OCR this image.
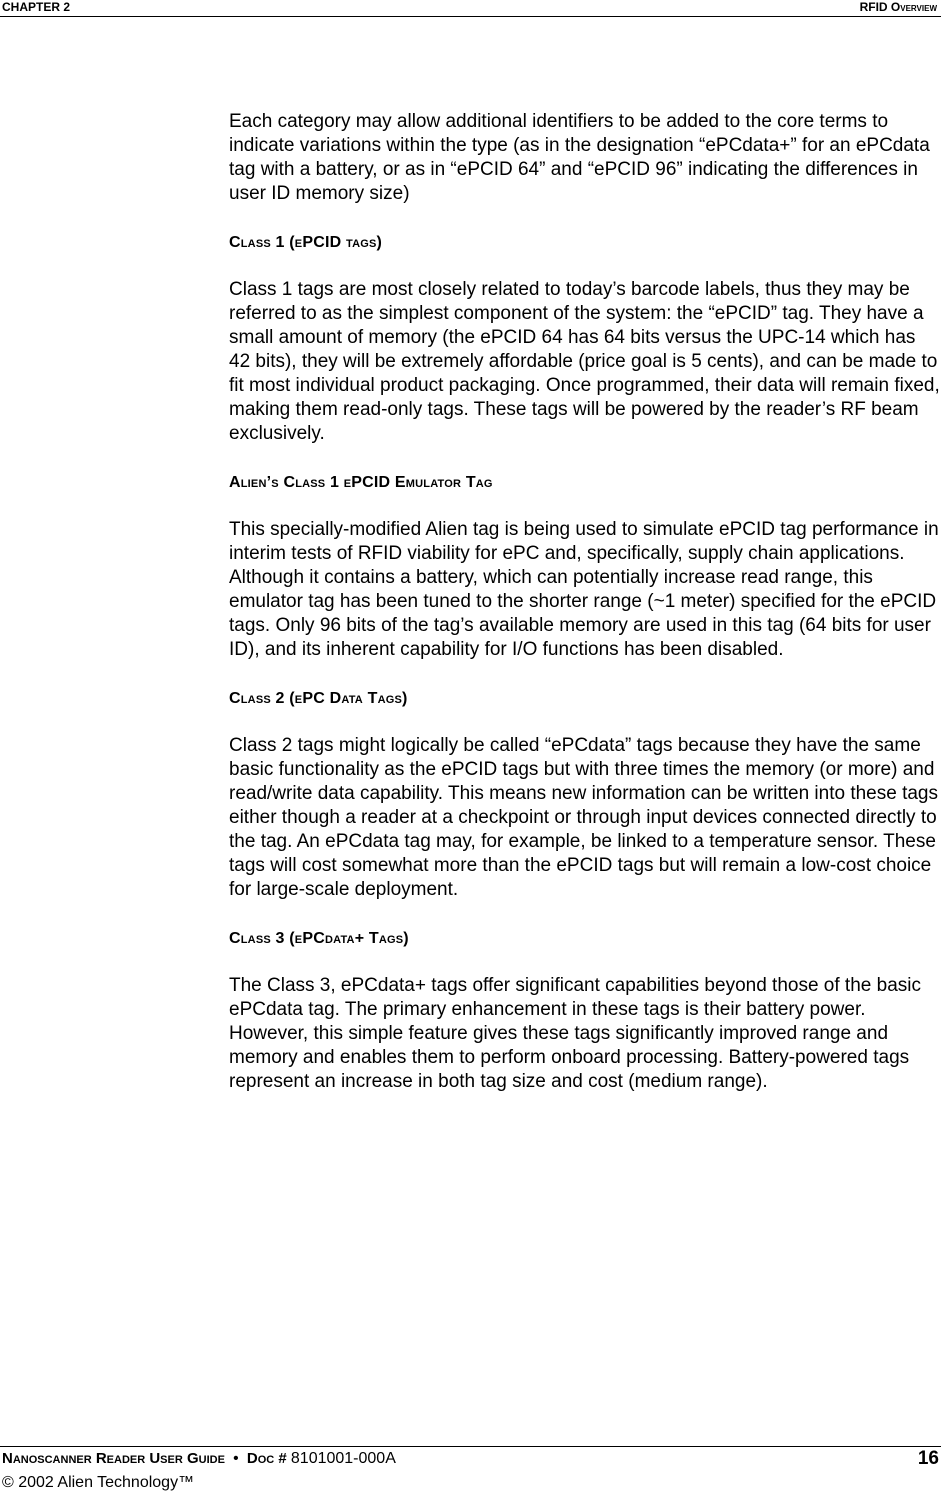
CHAPTER 2	RFID Overview

Each category may allow additional identifiers to be added to the core terms to indicate variations within the type (as in the designation “ePCdata+” for an ePCdata tag with a battery, or as in “ePCID 64” and “ePCID 96” indicating the differences in user ID memory size)

Class 1 (ePCID tags)

Class 1 tags are most closely related to today’s barcode labels, thus they may be referred to as the simplest component of the system: the “ePCID” tag. They have a small amount of memory (the ePCID 64 has 64 bits versus the UPC-14 which has 42 bits), they will be extremely affordable (price goal is 5 cents), and can be made to fit most individual product packaging. Once programmed, their data will remain fixed, making them read-only tags. These tags will be powered by the reader’s RF beam exclusively.

Alien’s Class 1 ePCID Emulator Tag

This specially-modified Alien tag is being used to simulate ePCID tag performance in interim tests of RFID viability for ePC and, specifically, supply chain applications. Although it contains a battery, which can potentially increase read range, this emulator tag has been tuned to the shorter range (~1 meter) specified for the ePCID tags. Only 96 bits of the tag’s available memory are used in this tag (64 bits for user ID), and its inherent capability for I/O functions has been disabled.

Class 2 (ePC Data Tags)

Class 2 tags might logically be called “ePCdata” tags because they have the same basic functionality as the ePCID tags but with three times the memory (or more) and read/write data capability. This means new information can be written into these tags either though a reader at a checkpoint or through input devices connected directly to the tag. An ePCdata tag may, for example, be linked to a temperature sensor. These tags will cost somewhat more than the ePCID tags but will remain a low-cost choice for large-scale deployment.

Class 3 (ePCdata+ Tags)

The Class 3, ePCdata+ tags offer significant capabilities beyond those of the basic ePCdata tag. The primary enhancement in these tags is their battery power. However, this simple feature gives these tags significantly improved range and memory and enables them to perform onboard processing. Battery-powered tags represent an increase in both tag size and cost (medium range).

Nanoscanner Reader User Guide • Doc # 8101001-000A	16
© 2002 Alien Technology™
